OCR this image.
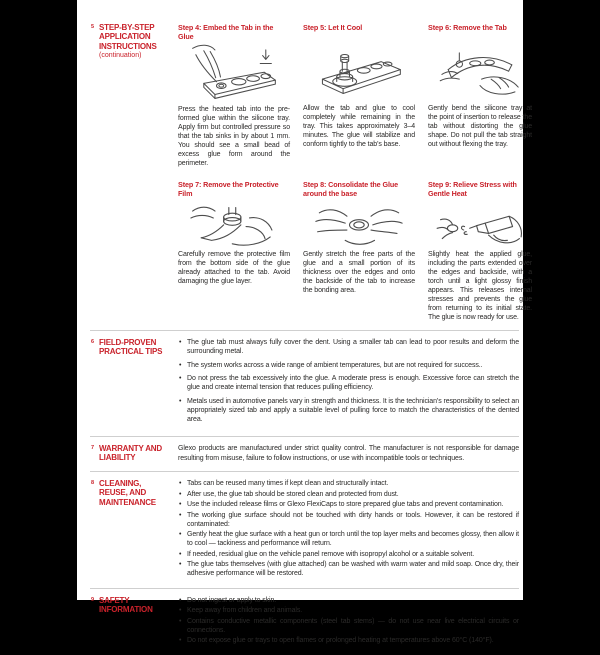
5 STEP-BY-STEP APPLICATION INSTRUCTIONS
(continuation)
Step 4: Embed the Tab in the Glue
Press the heated tab into the pre-formed glue within the silicone tray. Apply firm but controlled pressure so that the tab sinks in by about 1 mm. You should see a small bead of excess glue form around the perimeter.
Step 5: Let It Cool
Allow the tab and glue to cool completely while remaining in the tray. This takes approximately 3–4 minutes. The glue will stabilize and conform tightly to the tab’s base.
Step 6: Remove the Tab
Gently bend the silicone tray at the point of insertion to release the tab without distorting the glue shape. Do not pull the tab straight out without flexing the tray.
Step 7: Remove the Protective Film
Carefully remove the protective film from the bottom side of the glue already attached to the tab. Avoid damaging the glue layer.
Step 8: Consolidate the Glue around the base
Gently stretch the free parts of the glue and a small portion of its thickness over the edges and onto the backside of the tab to increase the bonding area.
Step 9: Relieve Stress with Gentle Heat
Slightly heat the applied glue, including the parts extended over the edges and backside, with a torch until a light glossy finish appears. This releases internal stresses and prevents the glue from returning to its initial state. The glue is now ready for use.
6 FIELD-PROVEN PRACTICAL TIPS
• The glue tab must always fully cover the dent. Using a smaller tab can lead to poor results and deform the surrounding metal.
• The system works across a wide range of ambient temperatures, but are not required for success..
• Do not press the tab excessively into the glue. A moderate press is enough. Excessive force can stretch the glue and create internal tension that reduces pulling efficiency.
• Metals used in automotive panels vary in strength and thickness. It is the technician’s responsibility to select an appropriately sized tab and apply a suitable level of pulling force to match the characteristics of the dented area.
7 WARRANTY AND LIABILITY
Glexo products are manufactured under strict quality control. The manufacturer is not responsible for damage resulting from misuse, failure to follow instructions, or use with incompatible tools or techniques.
8 CLEANING, REUSE, AND MAINTENANCE
• Tabs can be reused many times if kept clean and structurally intact.
• After use, the glue tab should be stored clean and protected from dust.
• Use the included release films or Glexo FlexiCaps to store prepared glue tabs and prevent contamination.
• The working glue surface should not be touched with dirty hands or tools. However, it can be restored if contaminated:
• Gently heat the glue surface with a heat gun or torch until the top layer melts and becomes glossy, then allow it to cool — tackiness and performance will return.
• If needed, residual glue on the vehicle panel remove with isopropyl alcohol or a suitable solvent.
• The glue tabs themselves (with glue attached) can be washed with warm water and mild soap. Once dry, their adhesive performance will be restored.
9 SAFETY INFORMATION
• Do not ingest or apply to skin.
• Keep away from children and animals.
• Contains conductive metallic components (steel tab stems) — do not use near live electrical circuits or connections.
• Do not expose glue or trays to open flames or prolonged heating at temperatures above 60°C (140°F).
